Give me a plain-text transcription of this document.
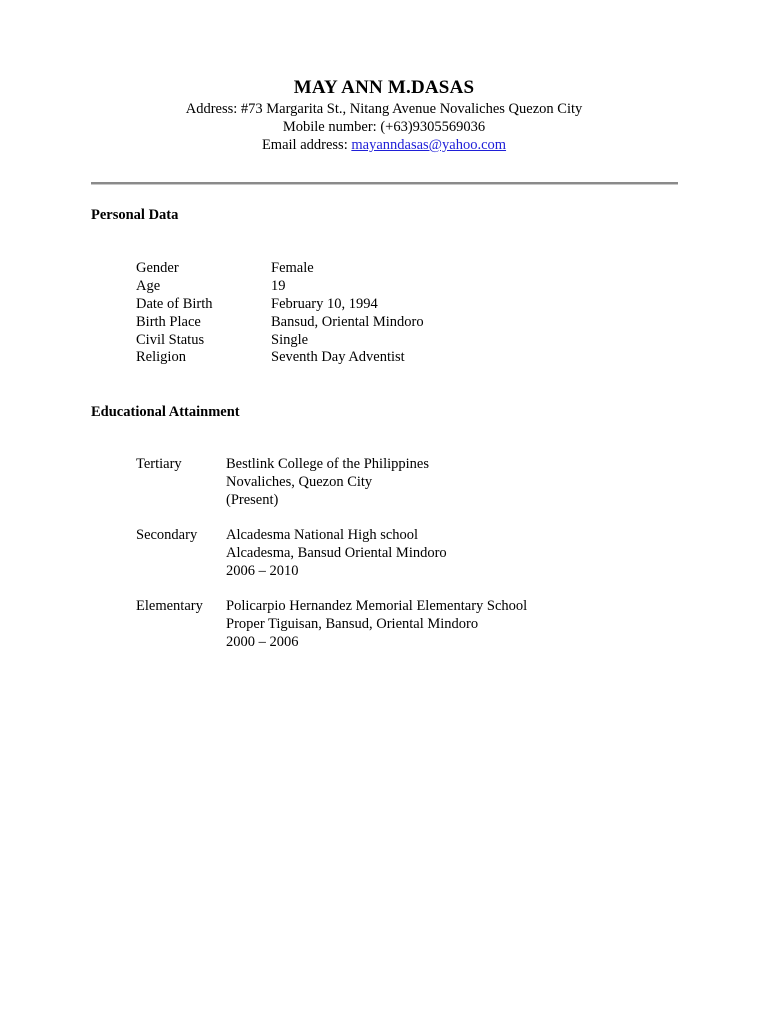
MAY ANN M.DASAS
Address: #73 Margarita St., Nitang Avenue Novaliches Quezon City
Mobile number: (+63)9305569036
Email address: mayanndasas@yahoo.com
Personal Data
Gender	Female
Age	19
Date of Birth	February 10, 1994
Birth Place	Bansud, Oriental Mindoro
Civil Status	Single
Religion	Seventh Day Adventist
Educational Attainment
Tertiary	Bestlink College of the Philippines
Novaliches, Quezon City
(Present)
Secondary	Alcadesma National High school
Alcadesma, Bansud Oriental Mindoro
2006 – 2010
Elementary	Policarpio Hernandez Memorial Elementary School
Proper Tiguisan, Bansud, Oriental Mindoro
2000 – 2006
